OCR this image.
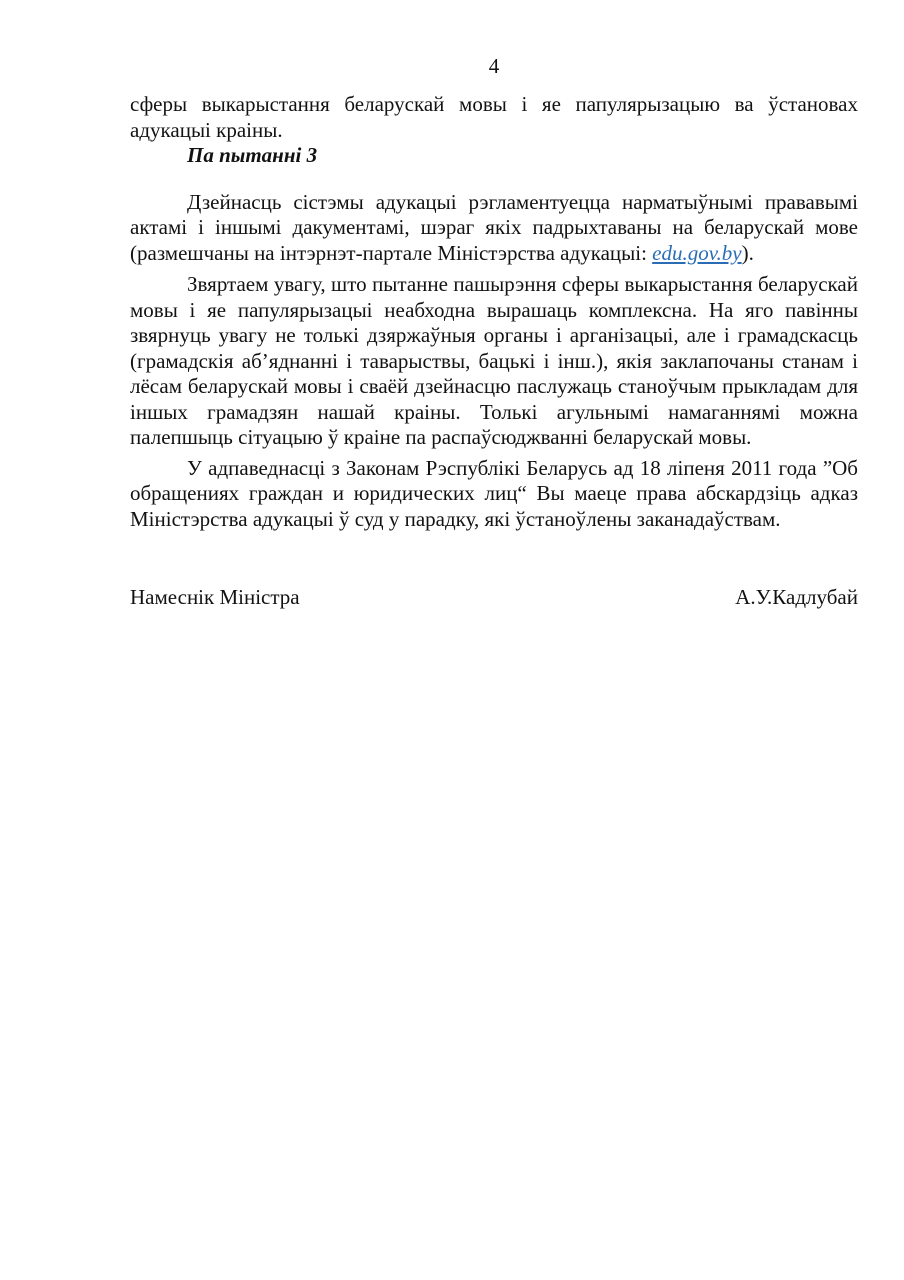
4

сферы выкарыстання беларускай мовы і яе папулярызацыю ва ўстановах адукацыі краіны.

Па пытанні 3

Дзейнасць сістэмы адукацыі рэгламентуецца нарматыўнымі прававымі актамі і іншымі дакументамі, шэраг якіх падрыхтаваны на беларускай мове (размешчаны на інтэрнэт-партале Міністэрства адукацыі: edu.gov.by).

Звяртаем увагу, што пытанне пашырэння сферы выкарыстання беларускай мовы і яе папулярызацыі неабходна вырашаць комплексна. На яго павінны звярнуць увагу не толькі дзяржаўныя органы і арганізацыі, але і грамадскасць (грамадскія аб’яднанні і таварыствы, бацькі і інш.), якія заклапочаны станам і лёсам беларускай мовы і сваёй дзейнасцю паслужаць станоўчым прыкладам для іншых грамадзян нашай краіны. Толькі агульнымі намаганнямі можна палепшыць сітуацыю ў краіне па распаўсюджванні беларускай мовы.

У адпаведнасці з Законам Рэспублікі Беларусь ад 18 ліпеня 2011 года ”Об обращениях граждан и юридических лиц“ Вы маеце права абскардзіць адказ Міністэрства адукацыі ў суд у парадку, які ўстаноўлены заканадаўствам.

Намеснік Міністра	А.У.Кадлубай
